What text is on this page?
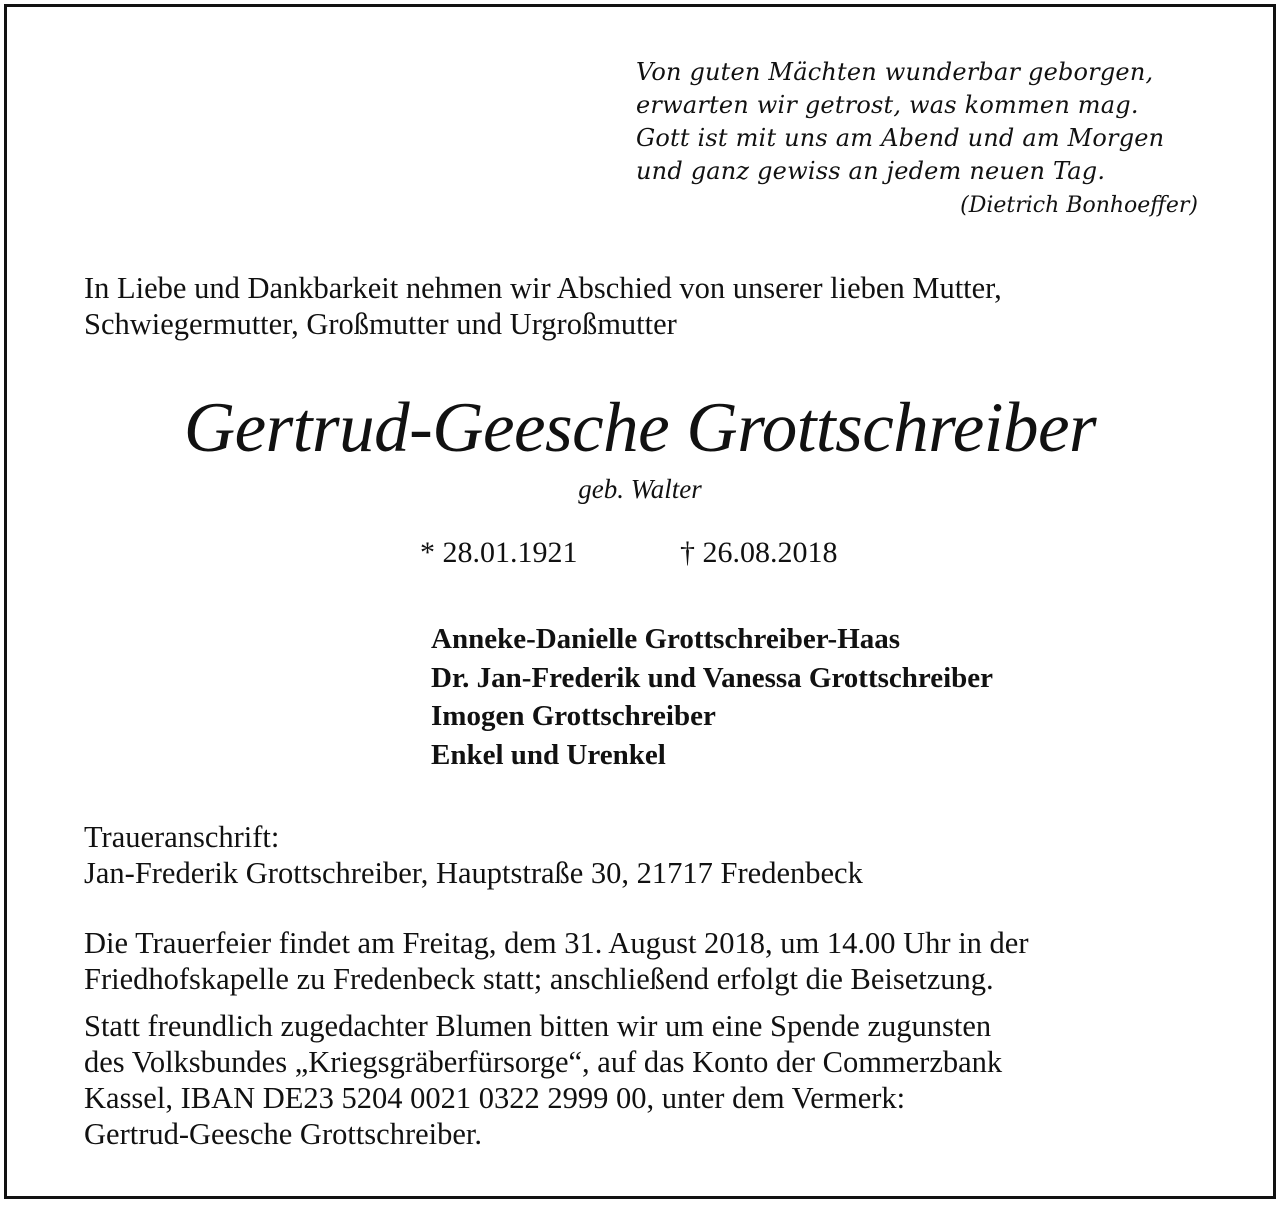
Von guten Mächten wunderbar geborgen,
erwarten wir getrost, was kommen mag.
Gott ist mit uns am Abend und am Morgen
und ganz gewiss an jedem neuen Tag.
(Dietrich Bonhoeffer)
In Liebe und Dankbarkeit nehmen wir Abschied von unserer lieben Mutter,
Schwiegermutter, Großmutter und Urgroßmutter
Gertrud-Geesche Grottschreiber
geb. Walter
* 28.01.1921	† 26.08.2018
Anneke-Danielle Grottschreiber-Haas
Dr. Jan-Frederik und Vanessa Grottschreiber
Imogen Grottschreiber
Enkel und Urenkel
Traueranschrift:
Jan-Frederik Grottschreiber, Hauptstraße 30, 21717 Fredenbeck
Die Trauerfeier findet am Freitag, dem 31. August 2018, um 14.00 Uhr in der
Friedhofskapelle zu Fredenbeck statt; anschließend erfolgt die Beisetzung.
Statt freundlich zugedachter Blumen bitten wir um eine Spende zugunsten
des Volksbundes „Kriegsgräberfürsorge“, auf das Konto der Commerzbank
Kassel, IBAN DE23 5204 0021 0322 2999 00, unter dem Vermerk:
Gertrud-Geesche Grottschreiber.
